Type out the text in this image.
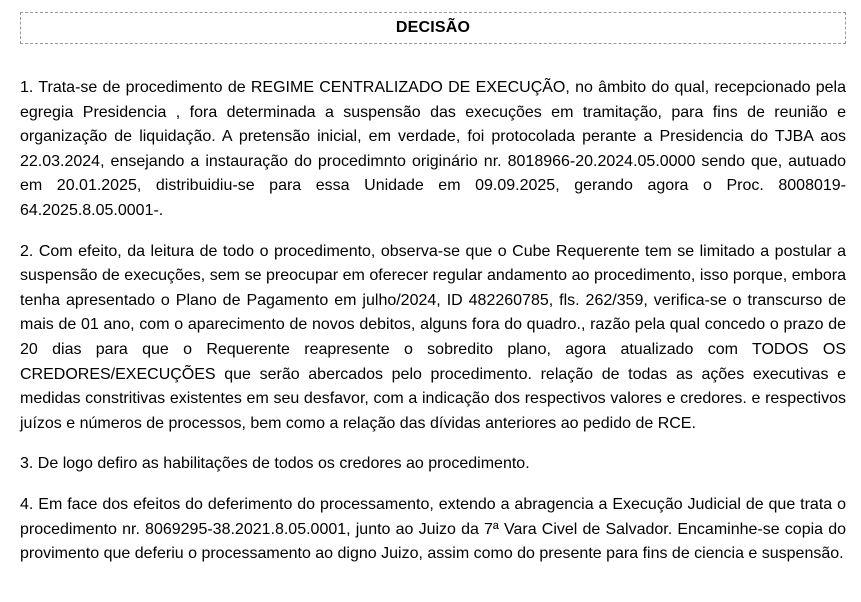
DECISÃO

1. Trata-se de procedimento de REGIME CENTRALIZADO DE EXECUÇÃO, no âmbito do qual, recepcionado pela egregia Presidencia , fora determinada a suspensão das execuções em tramitação, para fins de reunião e organização de liquidação. A pretensão inicial, em verdade, foi protocolada perante a Presidencia do TJBA aos 22.03.2024, ensejando a instauração do procedimnto originário nr. 8018966-20.2024.05.0000 sendo que, autuado em 20.01.2025, distribuidiu-se para essa Unidade em 09.09.2025, gerando agora o Proc. 8008019-64.2025.8.05.0001-.

2. Com efeito, da leitura de todo o procedimento, observa-se que o Cube Requerente tem se limitado a postular a suspensão de execuções, sem se preocupar em oferecer regular andamento ao procedimento, isso porque, embora tenha apresentado o Plano de Pagamento em julho/2024, ID 482260785, fls. 262/359, verifica-se o transcurso de mais de 01 ano, com o aparecimento de novos debitos, alguns fora do quadro., razão pela qual concedo o prazo de 20 dias para que o Requerente reapresente o sobredito plano, agora atualizado com TODOS OS CREDORES/EXECUÇÕES que serão abercados pelo procedimento. relação de todas as ações executivas e medidas constritivas existentes em seu desfavor, com a indicação dos respectivos valores e credores. e respectivos juízos e números de processos, bem como a relação das dívidas anteriores ao pedido de RCE.

3. De logo defiro as habilitações de todos os credores ao procedimento.

4. Em face dos efeitos do deferimento do processamento, extendo a abragencia a Execução Judicial de que trata o procedimento nr. 8069295-38.2021.8.05.0001, junto ao Juizo da 7ª Vara Civel de Salvador. Encaminhe-se copia do provimento que deferiu o processamento ao digno Juizo, assim como do presente para fins de ciencia e suspensão.
